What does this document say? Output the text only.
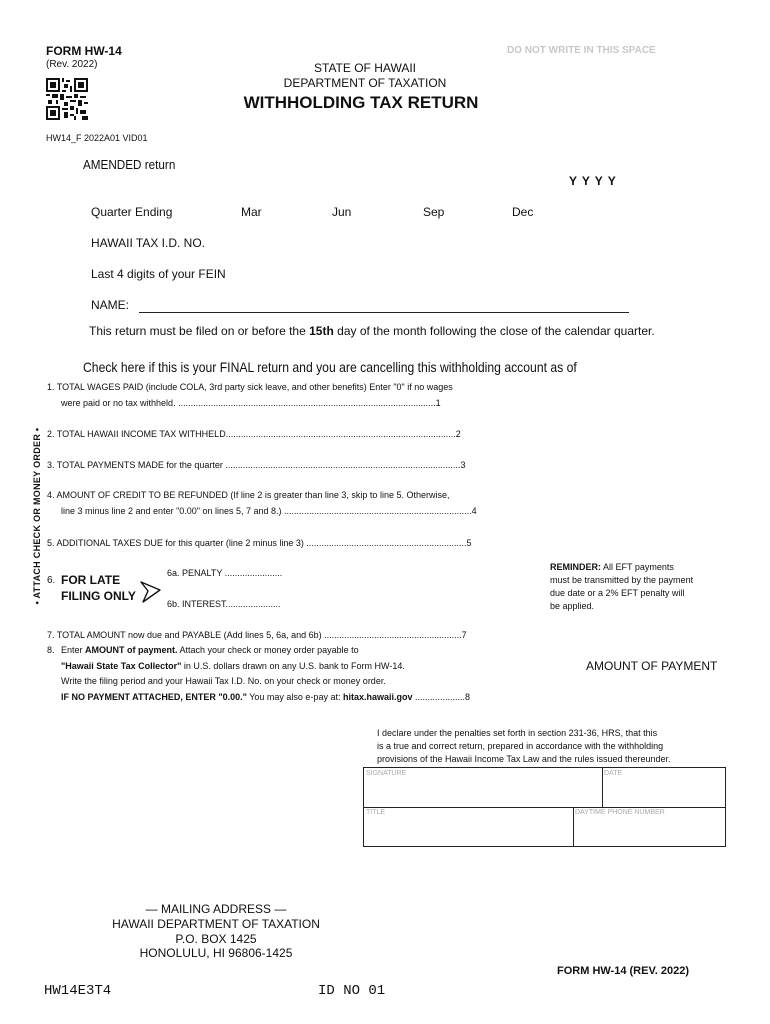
FORM HW-14
(Rev. 2022)
DO NOT WRITE IN THIS SPACE
HW14_F 2022A01 VID01
STATE OF HAWAII
DEPARTMENT OF TAXATION
WITHHOLDING TAX RETURN
AMENDED return
Y Y Y Y
Quarter Ending	Mar	Jun	Sep	Dec
HAWAII TAX I.D. NO.
Last 4 digits of your FEIN
NAME:
This return must be filed on or before the 15th day of the month following the close of the calendar quarter.
Check here if this is your FINAL return and you are cancelling this withholding account as of
• ATTACH CHECK OR MONEY ORDER •
1. TOTAL WAGES PAID (include COLA, 3rd party sick leave, and other benefits) Enter "0" if no wages
were paid or no tax withheld. .......................................................................................................1
2. TOTAL HAWAII INCOME TAX WITHHELD............................................................................................2
3. TOTAL PAYMENTS MADE for the quarter ..............................................................................................3
4. AMOUNT OF CREDIT TO BE REFUNDED (If line 2 is greater than line 3, skip to line 5. Otherwise,
line 3 minus line 2 and enter "0.00" on lines 5, 7 and 8.) ...........................................................................4
5. ADDITIONAL TAXES DUE for this quarter (line 2 minus line 3) ................................................................5
6. FOR LATE
FILING ONLY
6a. PENALTY .......................
6b. INTEREST......................
REMINDER: All EFT payments
must be transmitted by the payment
due date or a 2% EFT penalty will
be applied.
7. TOTAL AMOUNT now due and PAYABLE (Add lines 5, 6a, and 6b) .......................................................7
8. Enter AMOUNT of payment. Attach your check or money order payable to
"Hawaii State Tax Collector" in U.S. dollars drawn on any U.S. bank to Form HW-14.
Write the filing period and your Hawaii Tax I.D. No. on your check or money order.
IF NO PAYMENT ATTACHED, ENTER "0.00." You may also e-pay at: hitax.hawaii.gov ....................8
AMOUNT OF PAYMENT
I declare under the penalties set forth in section 231-36, HRS, that this
is a true and correct return, prepared in accordance with the withholding
provisions of the Hawaii Income Tax Law and the rules issued thereunder.
SIGNATURE	DATE
TITLE	DAYTIME PHONE NUMBER
— MAILING ADDRESS —
HAWAII DEPARTMENT OF TAXATION
P.O. BOX 1425
HONOLULU, HI 96806-1425
FORM HW-14 (REV. 2022)
HW14E3T4	ID NO 01
